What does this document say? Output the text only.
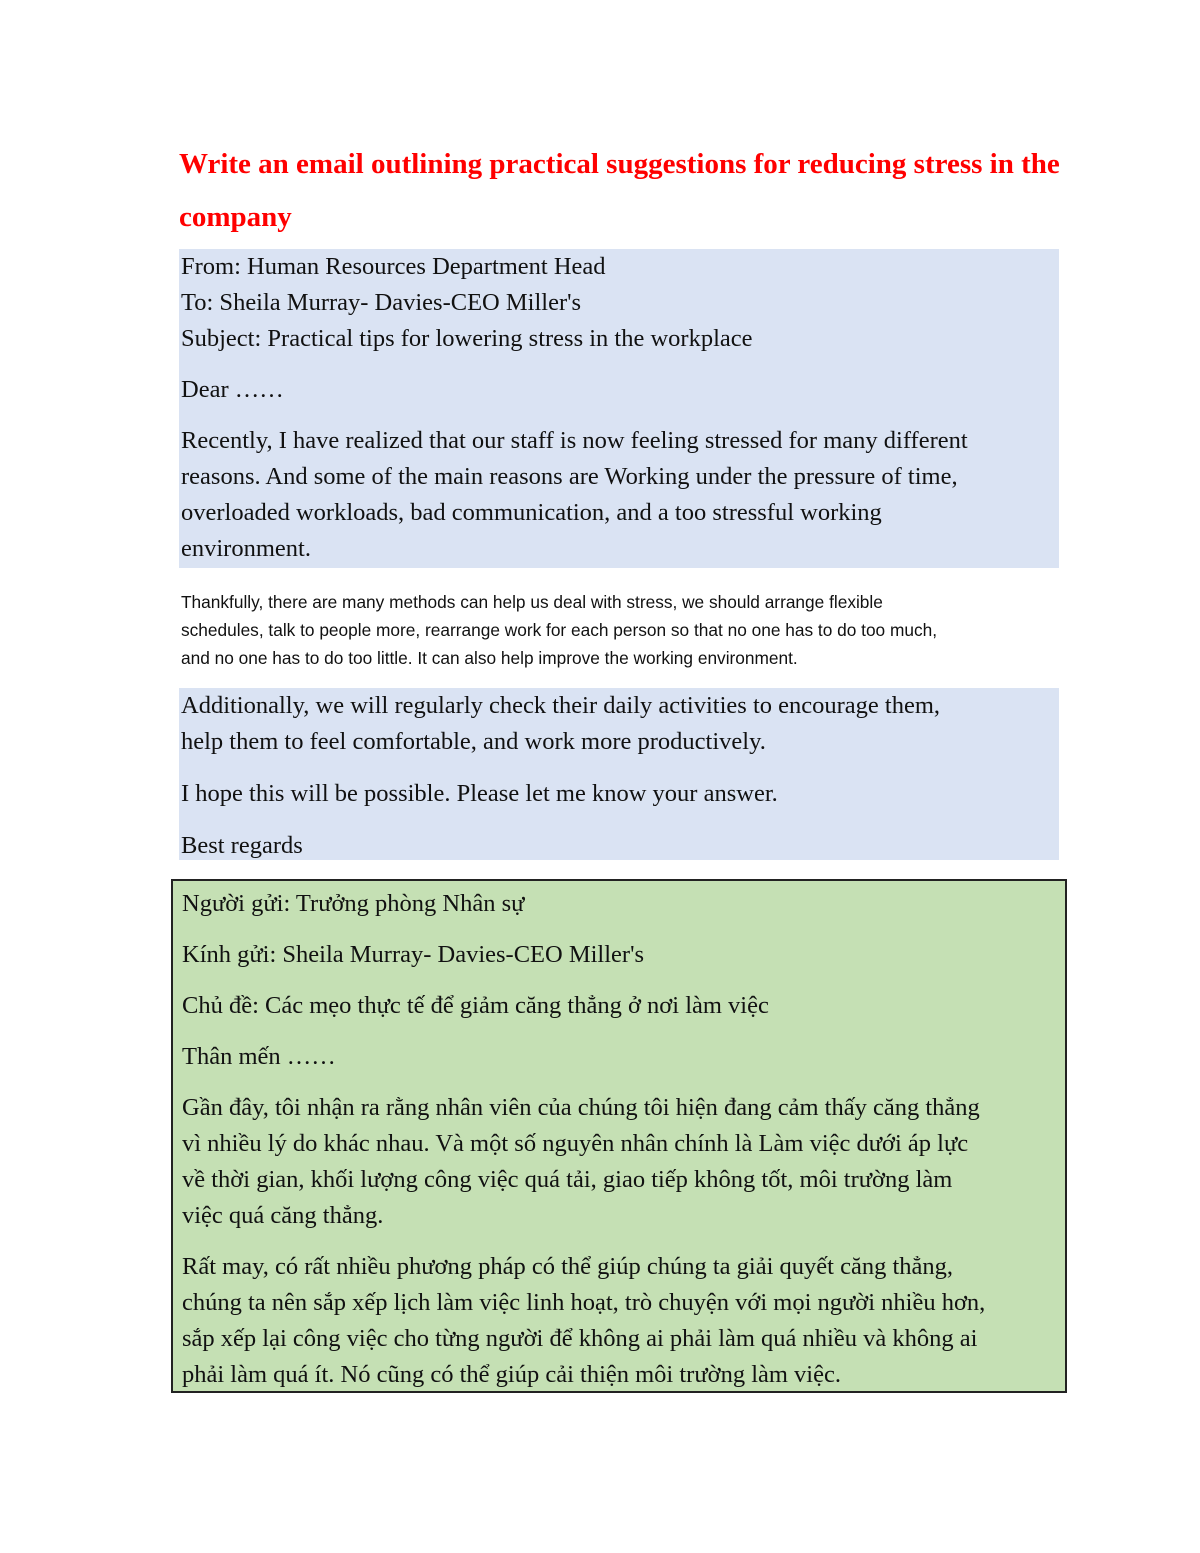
Write an email outlining practical suggestions for reducing stress in the company

From: Human Resources Department Head

To: Sheila Murray- Davies-CEO Miller's

Subject: Practical tips for lowering stress in the workplace

Dear ……

Recently, I have realized that our staff is now feeling stressed for many different
reasons. And some of the main reasons are Working under the pressure of time,
overloaded workloads, bad communication, and a too stressful working
environment.

Thankfully, there are many methods can help us deal with stress, we should arrange flexible
schedules, talk to people more, rearrange work for each person so that no one has to do too much,
and no one has to do too little. It can also help improve the working environment.

Additionally, we will regularly check their daily activities to encourage them,
help them to feel comfortable, and work more productively.

I hope this will be possible. Please let me know your answer.

Best regards

Người gửi: Trưởng phòng Nhân sự

Kính gửi: Sheila Murray- Davies-CEO Miller's

Chủ đề: Các mẹo thực tế để giảm căng thẳng ở nơi làm việc

Thân mến ……

Gần đây, tôi nhận ra rằng nhân viên của chúng tôi hiện đang cảm thấy căng thẳng
vì nhiều lý do khác nhau. Và một số nguyên nhân chính là Làm việc dưới áp lực
về thời gian, khối lượng công việc quá tải, giao tiếp không tốt, môi trường làm
việc quá căng thẳng.

Rất may, có rất nhiều phương pháp có thể giúp chúng ta giải quyết căng thẳng,
chúng ta nên sắp xếp lịch làm việc linh hoạt, trò chuyện với mọi người nhiều hơn,
sắp xếp lại công việc cho từng người để không ai phải làm quá nhiều và không ai
phải làm quá ít. Nó cũng có thể giúp cải thiện môi trường làm việc.
